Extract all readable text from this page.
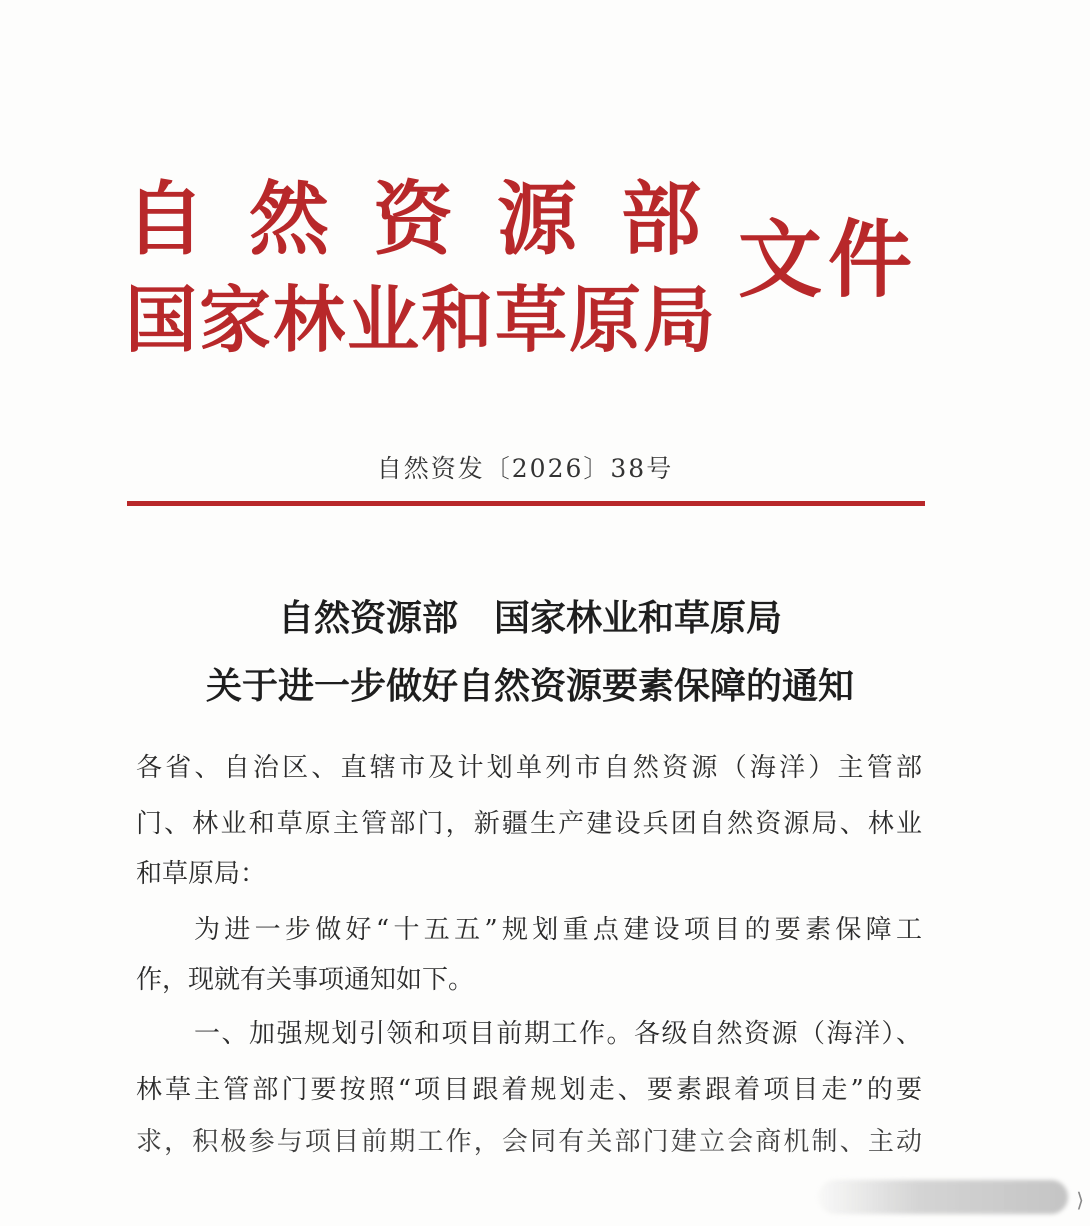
自然资源部
国家林业和草原局
文件
自然资发〔2026〕38号
自然资源部　国家林业和草原局
关于进一步做好自然资源要素保障的通知
各省、自治区、直辖市及计划单列市自然资源（海洋）主管部
门、林业和草原主管部门，新疆生产建设兵团自然资源局、林业
和草原局：
为进一步做好“十五五”规划重点建设项目的要素保障工
作，现就有关事项通知如下。
一、加强规划引领和项目前期工作。各级自然资源（海洋）、
林草主管部门要按照“项目跟着规划走、要素跟着项目走”的要
求，积极参与项目前期工作，会同有关部门建立会商机制、主动
⟩
